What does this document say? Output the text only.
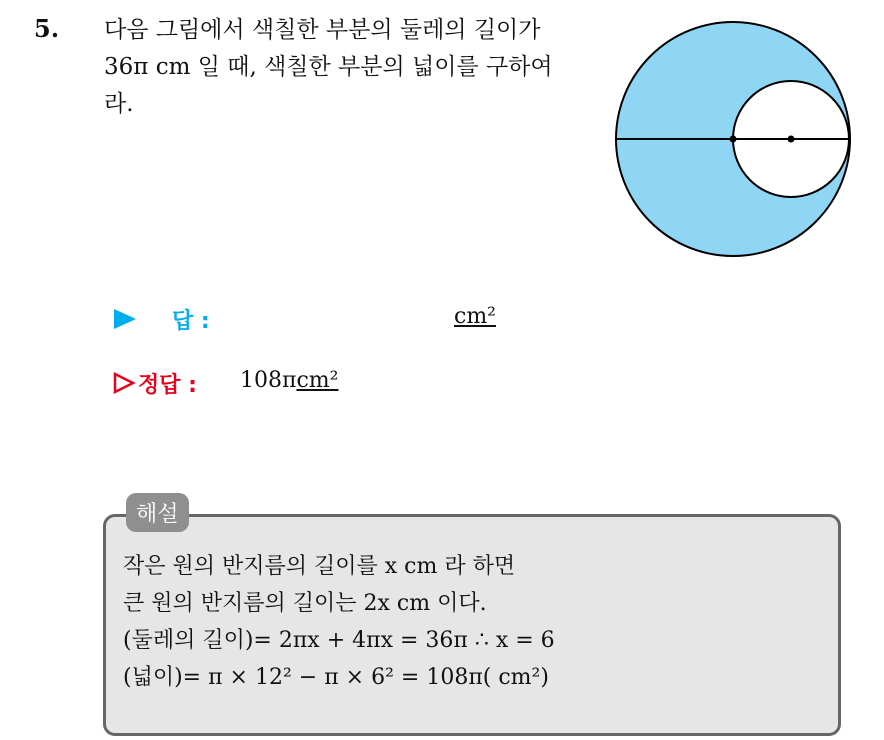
5. 다음 그림에서 색칠한 부분의 둘레의 길이가
36π cm 일 때, 색칠한 부분의 넓이를 구하여
라.
답 :	cm²
정답 : 108πcm²
해설
작은 원의 반지름의 길이를 x cm 라 하면
큰 원의 반지름의 길이는 2x cm 이다.
(둘레의 길이)= 2πx + 4πx = 36π ∴ x = 6
(넓이)= π × 12² − π × 6² = 108π( cm²)
